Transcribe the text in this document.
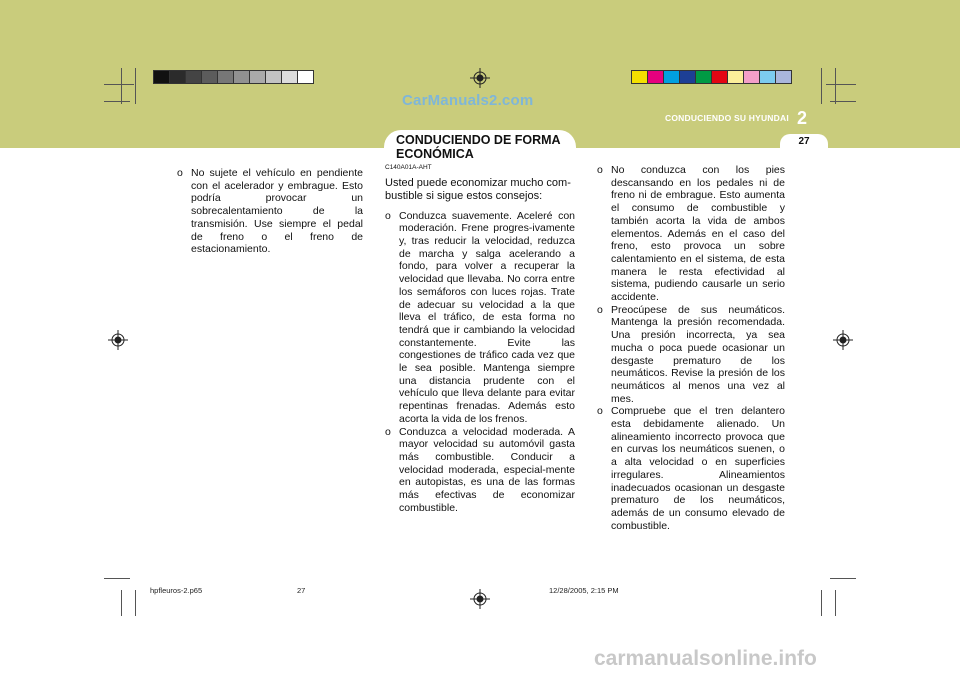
CarManuals2.com
CONDUCIENDO SU HYUNDAI 2
27
CONDUCIENDO DE FORMA ECONÓMICA

o No sujete el vehículo en pendiente con el acelerador y embrague. Esto podría provocar un sobrecalentamiento de la transmisión. Use siempre el pedal de freno o el freno de estacionamiento.

C140A01A-AHT

Usted puede economizar mucho com-bustible si sigue estos consejos:

o Conduzca suavemente. Aceleré con moderación. Frene progres-ivamente y, tras reducir la velocidad, reduzca de marcha y salga acelerando a fondo, para volver a recuperar la velocidad que llevaba. No corra entre los semáforos con luces rojas. Trate de adecuar su velocidad a la que lleva el tráfico, de esta forma no tendrá que ir cambiando la velocidad constantemente. Evite las congestiones de tráfico cada vez que le sea posible. Mantenga siempre una distancia prudente con el vehículo que lleva delante para evitar repentinas frenadas. Además esto acorta la vida de los frenos.

o Conduzca a velocidad moderada. A mayor velocidad su automóvil gasta más combustible. Conducir a velocidad moderada, especial-mente en autopistas, es una de las formas más efectivas de economizar combustible.

o No conduzca con los pies descansando en los pedales ni de freno ni de embrague. Esto aumenta el consumo de combustible y también acorta la vida de ambos elementos. Además en el caso del freno, esto provoca un sobre calentamiento en el sistema, de esta manera le resta efectividad al sistema, pudiendo causarle un serio accidente.

o Preocúpese de sus neumáticos. Mantenga la presión recomendada. Una presión incorrecta, ya sea mucha o poca puede ocasionar un desgaste prematuro de los neumáticos. Revise la presión de los neumáticos al menos una vez al mes.

o Compruebe que el tren delantero esta debidamente alienado. Un alineamiento incorrecto provoca que en curvas los neumáticos suenen, o a alta velocidad o en superficies irregulares. Alineamientos inadecuados ocasionan un desgaste prematuro de los neumáticos, además de un consumo elevado de combustible.

hpfleuros-2.p65	27	12/28/2005, 2:15 PM
carmanualsonline.info
